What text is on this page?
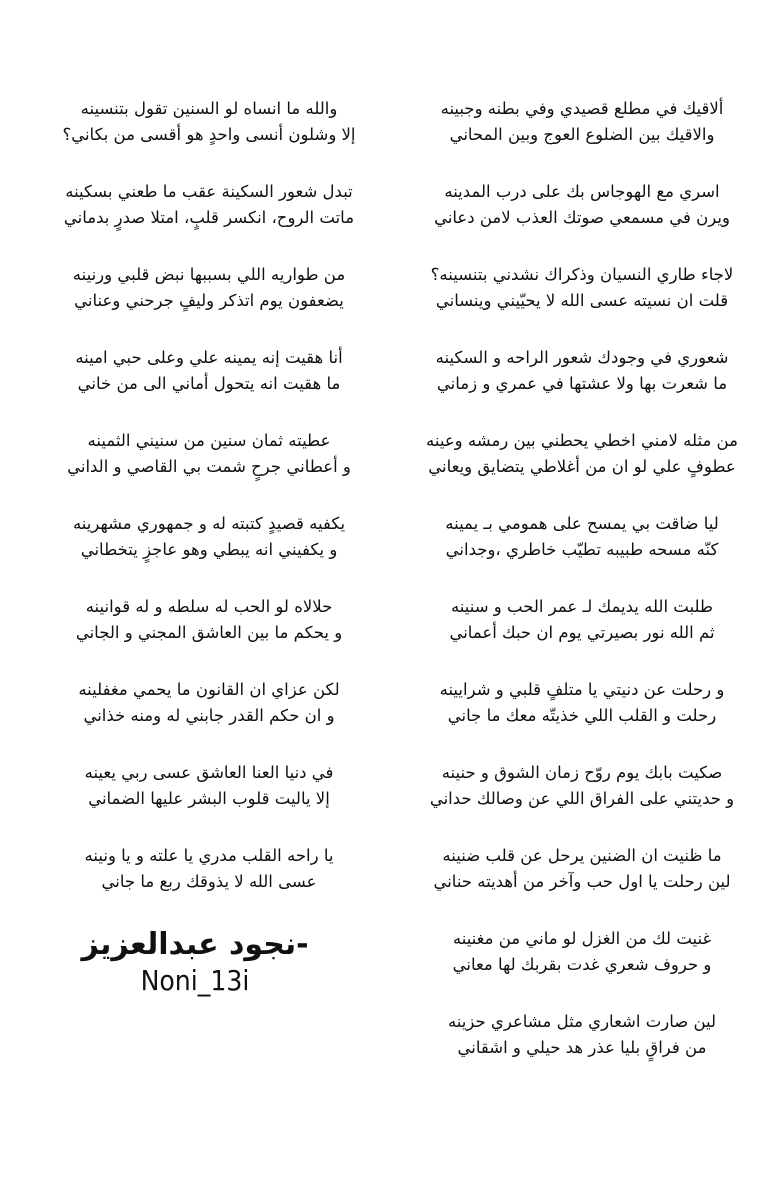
ألاقيك في مطلع قصيدي وفي بطنه وجبينه
والاقيك بين الضلوع العوج وبين المحاني
اسري مع الهوجاس بك على درب المدينه
ويرن في مسمعي صوتك العذب لامن دعاني
لاجاء طاري النسيان وذكراك نشدني بتنسينه؟
قلت ان نسيته عسى الله لا يحيّيني وينساني
شعوري في وجودك شعور الراحه و السكينه
ما شعرت بها ولا عشتها في عمري و زماني
من مثله لامني اخطي يحطني بين رمشه وعينه
عطوفٍ علي لو ان من أغلاطي يتضايق ويعاني
ليا ضاقت بي يمسح على همومي بـ يمينه
كنّه مسحه طبيبه تطيّب خاطري ،وجداني
طلبت الله يديمك لـ عمر الحب و سنينه
ثم الله نور بصيرتي يوم ان حبك أعماني
و رحلت عن دنيتي يا متلفٍ قلبي و شرايينه
رحلت و القلب اللي خذيتّه معك ما جاني
صكيت بابك يوم روّح زمان الشوق و حنينه
و حديتني على الفراق اللي عن وصالك حداني
ما ظنيت ان الضنين يرحل عن قلب ضنينه
لين رحلت يا اول حب وآخر من أهديته حناني
غنيت لك من الغزل لو ماني من مغنينه
و حروف شعري غدت بقربك لها معاني
لين صارت اشعاري مثل مشاعري حزينه
من فراقٍ بليا عذر هد حيلي و اشقاني
والله ما انساه لو السنين تقول بتنسينه
إلا وشلون أنسى واحدٍ هو أقسى من بكاني؟
تبدل شعور السكينة عقب ما طعني بسكينه
ماتت الروح، انكسر قلبٍ، امتلا صدرٍ بدماني
من طواريه اللي بسببها نبض قلبي ورنينه
يضعفون يوم اتذكر وليفٍ جرحني وعناني
أنا هقيت إنه يمينه علي وعلى حبي امينه
ما هقيت انه يتحول أماني الى من خاني
عطيته ثمان سنين من سنيني الثمينه
و أعطاني جرحٍ شمت بي القاصي و الداني
يكفيه قصيدٍ كتبته له و جمهوري مشهرينه
و يكفيني انه يبطي وهو عاجزٍ يتخطاني
حلالاه لو الحب له سلطه و له قوانينه
و يحكم ما بين العاشق المجني و الجاني
لكن عزاي ان القانون ما يحمي مغفلينه
و ان حكم القدر جابني له ومنه خذاني
في دنيا العنا العاشق عسى ربي يعينه
إلا ياليت قلوب البشر عليها الضماني
يا راحه القلب مدري يا علته و يا ونينه
عسى الله لا يذوقك ربع ما جاني
-نجود عبدالعزيز
Noni_13i
